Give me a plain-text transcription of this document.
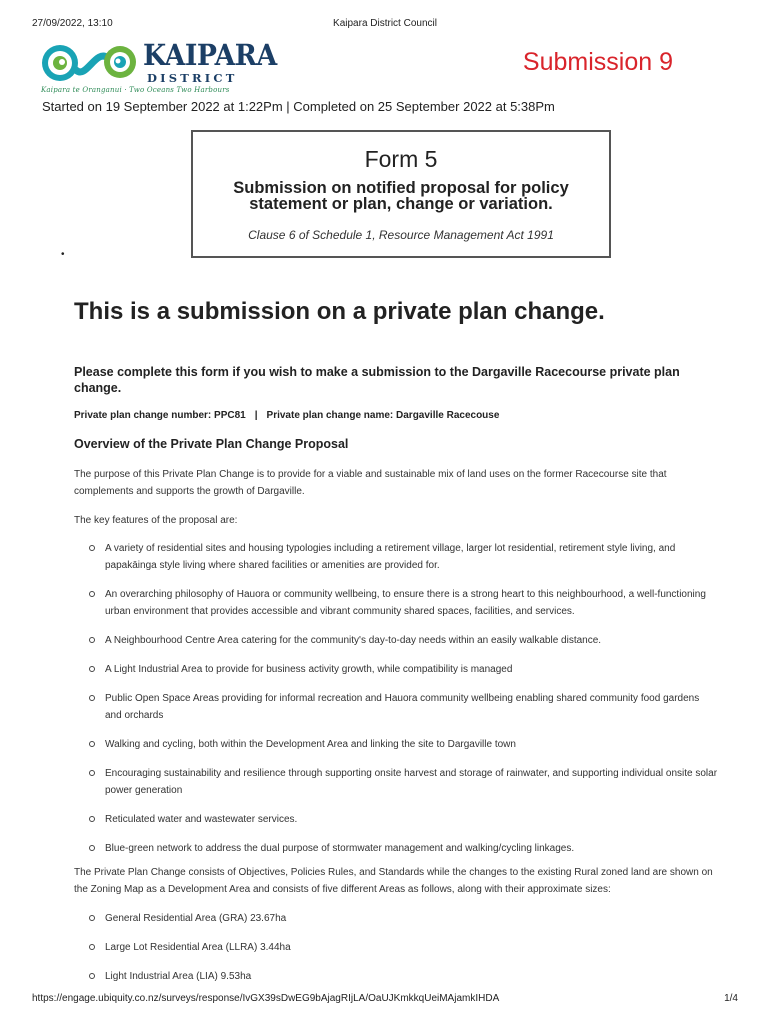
27/09/2022, 13:10	Kaipara District Council
KAIPARA
DISTRICT
Kaipara te Oranganui · Two Oceans Two Harbours
Submission 9
Started on 19 September 2022 at 1:22Pm | Completed on 25 September 2022 at 5:38Pm
Form 5
Submission on notified proposal for policy
statement or plan, change or variation.
Clause 6 of Schedule 1, Resource Management Act 1991
•
This is a submission on a private plan change.
Please complete this form if you wish to make a submission to the Dargaville Racecourse private plan change.
Private plan change number: PPC81 | Private plan change name: Dargaville Racecouse
Overview of the Private Plan Change Proposal
The purpose of this Private Plan Change is to provide for a viable and sustainable mix of land uses on the former Racecourse site that complements and supports the growth of Dargaville.
The key features of the proposal are:
A variety of residential sites and housing typologies including a retirement village, larger lot residential, retirement style living, and papakāinga style living where shared facilities or amenities are provided for.
An overarching philosophy of Hauora or community wellbeing, to ensure there is a strong heart to this neighbourhood, a well-functioning urban environment that provides accessible and vibrant community shared spaces, facilities, and services.
A Neighbourhood Centre Area catering for the community's day-to-day needs within an easily walkable distance.
A Light Industrial Area to provide for business activity growth, while compatibility is managed
Public Open Space Areas providing for informal recreation and Hauora community wellbeing enabling shared community food gardens and orchards
Walking and cycling, both within the Development Area and linking the site to Dargaville town
Encouraging sustainability and resilience through supporting onsite harvest and storage of rainwater, and supporting individual onsite solar power generation
Reticulated water and wastewater services.
Blue-green network to address the dual purpose of stormwater management and walking/cycling linkages.
The Private Plan Change consists of Objectives, Policies Rules, and Standards while the changes to the existing Rural zoned land are shown on the Zoning Map as a Development Area and consists of five different Areas as follows, along with their approximate sizes:
General Residential Area (GRA) 23.67ha
Large Lot Residential Area (LLRA) 3.44ha
Light Industrial Area (LIA) 9.53ha
https://engage.ubiquity.co.nz/surveys/response/IvGX39sDwEG9bAjagRIjLA/OaUJKmkkqUeiMAjamkIHDA	1/4
